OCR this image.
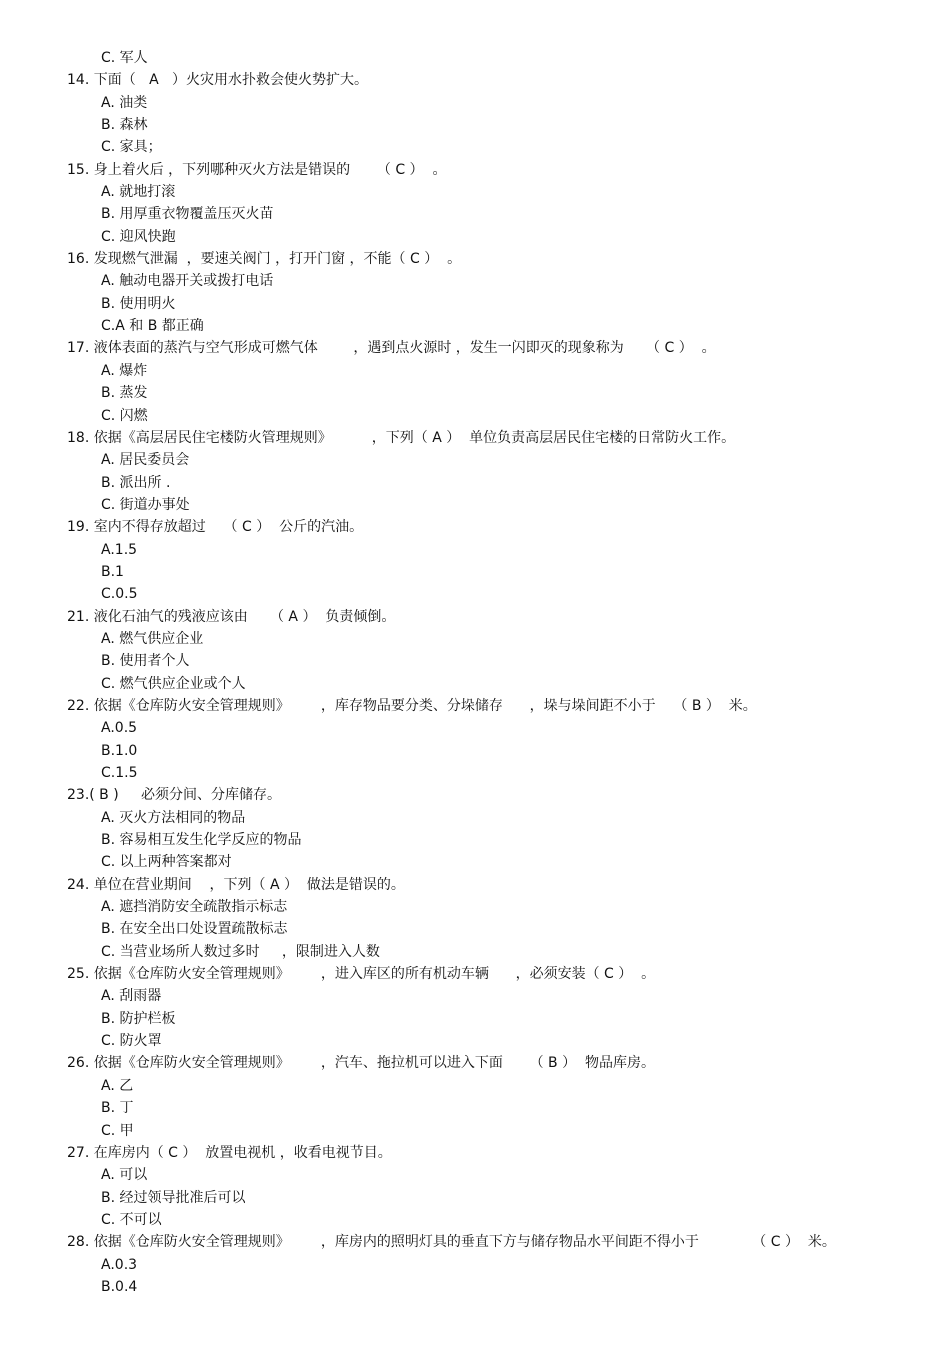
C. 军人
14. 下面（   A   ）火灾用水扑救会使火势扩大。
A. 油类
B. 森林
C. 家具；
15. 身上着火后 ，下列哪种灭火方法是错误的      （ C ）  。
A. 就地打滚
B. 用厚重衣物覆盖压灭火苗
C. 迎风快跑
16. 发现燃气泄漏  ，要速关阀门 ，打开门窗 ，不能（ C ）  。
A. 触动电器开关或拨打电话
B. 使用明火
C.A 和 B 都正确
17. 液体表面的蒸汽与空气形成可燃气体        ，遇到点火源时 ，发生一闪即灭的现象称为     （ C ）  。
A. 爆炸
B. 蒸发
C. 闪燃
18. 依据《高层居民住宅楼防火管理规则》         ，下列（ A ）  单位负责高层居民住宅楼的日常防火工作。
A. 居民委员会
B. 派出所 .
C. 街道办事处
19. 室内不得存放超过    （ C ）  公斤的汽油。
A.1.5
B.1
C.0.5
21. 液化石油气的残液应该由     （ A ）  负责倾倒。
A. 燃气供应企业
B. 使用者个人
C. 燃气供应企业或个人
22. 依据《仓库防火安全管理规则》       ，库存物品要分类、分垛储存      ，垛与垛间距不小于    （ B ）  米。
A.0.5
B.1.0
C.1.5
23.( B )     必须分间、分库储存。
A. 灭火方法相同的物品
B. 容易相互发生化学反应的物品
C. 以上两种答案都对
24. 单位在营业期间    ，下列（ A ）  做法是错误的。
A. 遮挡消防安全疏散指示标志
B. 在安全出口处设置疏散标志
C. 当营业场所人数过多时     ，限制进入人数
25. 依据《仓库防火安全管理规则》       ，进入库区的所有机动车辆      ，必须安装（ C ）  。
A. 刮雨器
B. 防护栏板
C. 防火罩
26. 依据《仓库防火安全管理规则》       ，汽车、拖拉机可以进入下面      （ B ）  物品库房。
A. 乙
B. 丁
C. 甲
27. 在库房内（ C ）  放置电视机 ，收看电视节目。
A. 可以
B. 经过领导批准后可以
C. 不可以
28. 依据《仓库防火安全管理规则》       ，库房内的照明灯具的垂直下方与储存物品水平间距不得小于            （ C ）  米。
A.0.3
B.0.4
